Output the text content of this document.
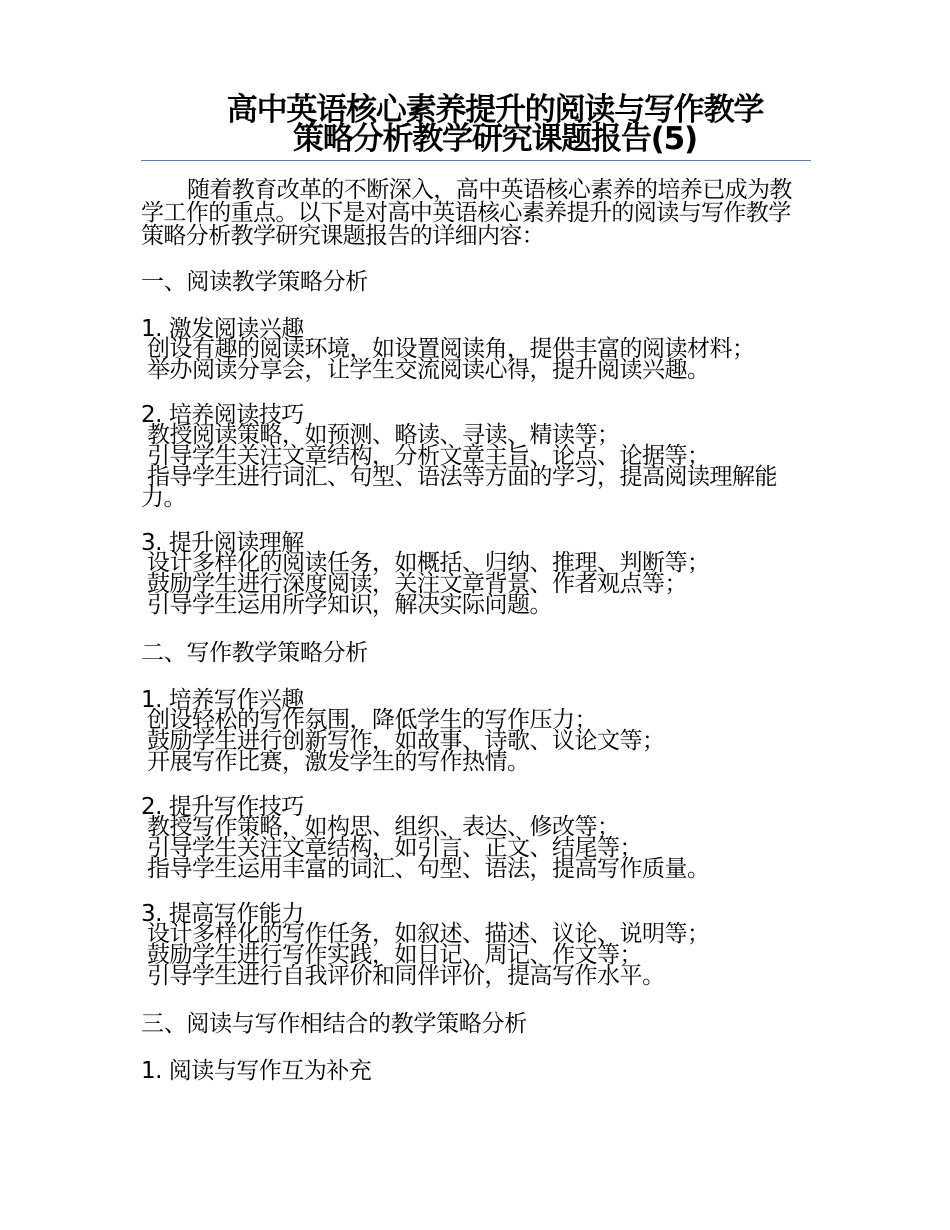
高中英语核心素养提升的阅读与写作教学
策略分析教学研究课题报告(5)

随着教育改革的不断深入，高中英语核心素养的培养已成为教学工作的重点。以下是对高中英语核心素养提升的阅读与写作教学策略分析教学研究课题报告的详细内容：

一、阅读教学策略分析

1. 激发阅读兴趣

创设有趣的阅读环境，如设置阅读角，提供丰富的阅读材料；

举办阅读分享会，让学生交流阅读心得，提升阅读兴趣。

2. 培养阅读技巧

教授阅读策略，如预测、略读、寻读、精读等；

引导学生关注文章结构，分析文章主旨、论点、论据等；

指导学生进行词汇、句型、语法等方面的学习，提高阅读理解能力。

3. 提升阅读理解

设计多样化的阅读任务，如概括、归纳、推理、判断等；

鼓励学生进行深度阅读，关注文章背景、作者观点等；

引导学生运用所学知识，解决实际问题。

二、写作教学策略分析

1. 培养写作兴趣

创设轻松的写作氛围，降低学生的写作压力；

鼓励学生进行创新写作，如故事、诗歌、议论文等；

开展写作比赛，激发学生的写作热情。

2. 提升写作技巧

教授写作策略，如构思、组织、表达、修改等；

引导学生关注文章结构，如引言、正文、结尾等；

指导学生运用丰富的词汇、句型、语法，提高写作质量。

3. 提高写作能力

设计多样化的写作任务，如叙述、描述、议论、说明等；

鼓励学生进行写作实践，如日记、周记、作文等；

引导学生进行自我评价和同伴评价，提高写作水平。

三、阅读与写作相结合的教学策略分析

1. 阅读与写作互为补充
